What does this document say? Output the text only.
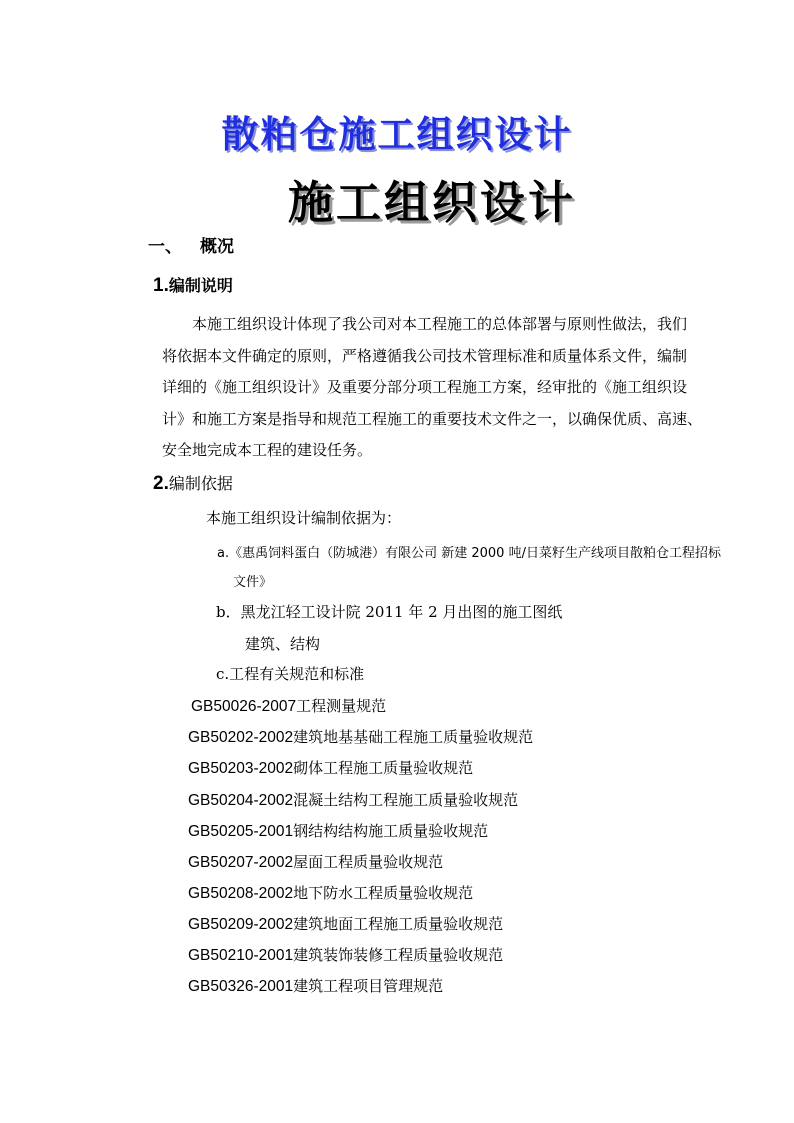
散粕仓施工组织设计
施工组织设计
一、 概况
1.编制说明

本施工组织设计体现了我公司对本工程施工的总体部署与原则性做法，我们

将依据本文件确定的原则，严格遵循我公司技术管理标准和质量体系文件，编制

详细的《施工组织设计》及重要分部分项工程施工方案，经审批的《施工组织设

计》和施工方案是指导和规范工程施工的重要技术文件之一，以确保优质、高速、

安全地完成本工程的建设任务。

2.编制依据
本施工组织设计编制依据为：
a.《惠禹饲料蛋白（防城港）有限公司 新建 2000 吨/日菜籽生产线项目散粕仓工程招标
文件》
b．黑龙江轻工设计院 2011 年 2 月出图的施工图纸
建筑、结构
c.工程有关规范和标准
GB50026-2007工程测量规范
GB50202-2002建筑地基基础工程施工质量验收规范
GB50203-2002砌体工程施工质量验收规范
GB50204-2002混凝土结构工程施工质量验收规范
GB50205-2001钢结构结构施工质量验收规范
GB50207-2002屋面工程质量验收规范
GB50208-2002地下防水工程质量验收规范
GB50209-2002建筑地面工程施工质量验收规范
GB50210-2001建筑装饰装修工程质量验收规范
GB50326-2001建筑工程项目管理规范
